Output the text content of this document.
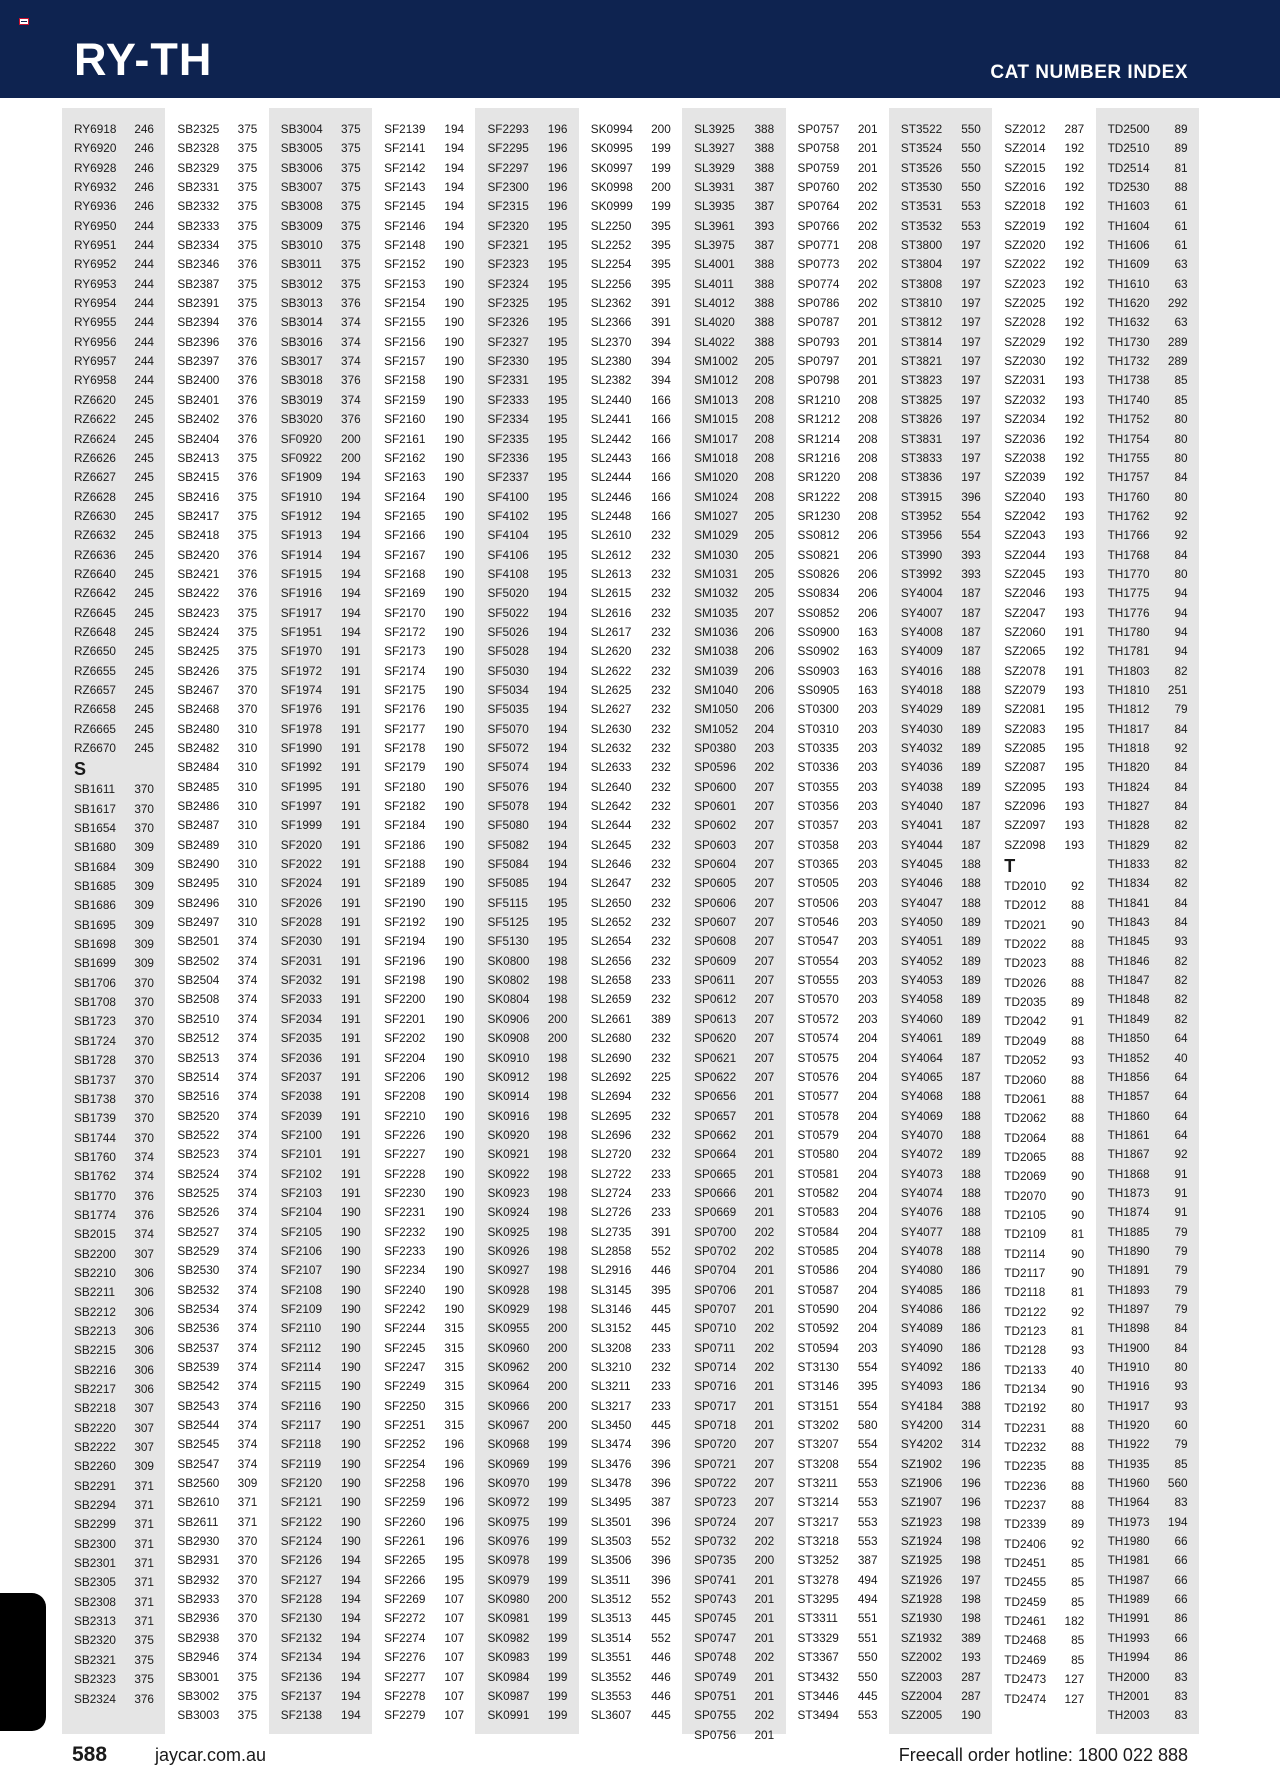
RY-TH	CAT NUMBER INDEX
RY6918	246
RY6920	246
RY6928	246
RY6932	246
RY6936	246
RY6950	244
RY6951	244
RY6952	244
RY6953	244
RY6954	244
RY6955	244
RY6956	244
RY6957	244
RY6958	244
RZ6620	245
RZ6622	245
RZ6624	245
RZ6626	245
RZ6627	245
RZ6628	245
RZ6630	245
RZ6632	245
RZ6636	245
RZ6640	245
RZ6642	245
RZ6645	245
RZ6648	245
RZ6650	245
RZ6655	245
RZ6657	245
RZ6658	245
RZ6665	245
RZ6670	245
S
SB1611	370
SB1617	370
SB1654	370
SB1680	309
SB1684	309
SB1685	309
SB1686	309
SB1695	309
SB1698	309
SB1699	309
SB1706	370
SB1708	370
SB1723	370
SB1724	370
SB1728	370
SB1737	370
SB1738	370
SB1739	370
SB1744	370
SB1760	374
SB1762	374
SB1770	376
SB1774	376
SB2015	374
SB2200	307
SB2210	306
SB2211	306
SB2212	306
SB2213	306
SB2215	306
SB2216	306
SB2217	306
SB2218	307
SB2220	307
SB2222	307
SB2260	309
SB2291	371
SB2294	371
SB2299	371
SB2300	371
SB2301	371
SB2305	371
SB2308	371
SB2313	371
SB2320	375
SB2321	375
SB2323	375
SB2324	376
SB2325	375
SB2328	375
SB2329	375
SB2331	375
SB2332	375
SB2333	375
SB2334	375
SB2346	376
SB2387	375
SB2391	375
SB2394	376
SB2396	376
SB2397	376
SB2400	376
SB2401	376
SB2402	376
SB2404	376
SB2413	375
SB2415	376
SB2416	375
SB2417	375
SB2418	375
SB2420	376
SB2421	376
SB2422	376
SB2423	375
SB2424	375
SB2425	375
SB2426	375
SB2467	370
SB2468	370
SB2480	310
SB2482	310
SB2484	310
SB2485	310
SB2486	310
SB2487	310
SB2489	310
SB2490	310
SB2495	310
SB2496	310
SB2497	310
SB2501	374
SB2502	374
SB2504	374
SB2508	374
SB2510	374
SB2512	374
SB2513	374
SB2514	374
SB2516	374
SB2520	374
SB2522	374
SB2523	374
SB2524	374
SB2525	374
SB2526	374
SB2527	374
SB2529	374
SB2530	374
SB2532	374
SB2534	374
SB2536	374
SB2537	374
SB2539	374
SB2542	374
SB2543	374
SB2544	374
SB2545	374
SB2547	374
SB2560	309
SB2610	371
SB2611	371
SB2930	370
SB2931	370
SB2932	370
SB2933	370
SB2936	370
SB2938	370
SB2946	374
SB3001	375
SB3002	375
SB3003	375
SB3004	375
SB3005	375
SB3006	375
SB3007	375
SB3008	375
SB3009	375
SB3010	375
SB3011	375
SB3012	375
SB3013	376
SB3014	374
SB3016	374
SB3017	374
SB3018	376
SB3019	374
SB3020	376
SF0920	200
SF0922	200
SF1909	194
SF1910	194
SF1912	194
SF1913	194
SF1914	194
SF1915	194
SF1916	194
SF1917	194
SF1951	194
SF1970	191
SF1972	191
SF1974	191
SF1976	191
SF1978	191
SF1990	191
SF1992	191
SF1995	191
SF1997	191
SF1999	191
SF2020	191
SF2022	191
SF2024	191
SF2026	191
SF2028	191
SF2030	191
SF2031	191
SF2032	191
SF2033	191
SF2034	191
SF2035	191
SF2036	191
SF2037	191
SF2038	191
SF2039	191
SF2100	191
SF2101	191
SF2102	191
SF2103	191
SF2104	190
SF2105	190
SF2106	190
SF2107	190
SF2108	190
SF2109	190
SF2110	190
SF2112	190
SF2114	190
SF2115	190
SF2116	190
SF2117	190
SF2118	190
SF2119	190
SF2120	190
SF2121	190
SF2122	190
SF2124	190
SF2126	194
SF2127	194
SF2128	194
SF2130	194
SF2132	194
SF2134	194
SF2136	194
SF2137	194
SF2138	194
SF2139	194
SF2141	194
SF2142	194
SF2143	194
SF2145	194
SF2146	194
SF2148	190
SF2152	190
SF2153	190
SF2154	190
SF2155	190
SF2156	190
SF2157	190
SF2158	190
SF2159	190
SF2160	190
SF2161	190
SF2162	190
SF2163	190
SF2164	190
SF2165	190
SF2166	190
SF2167	190
SF2168	190
SF2169	190
SF2170	190
SF2172	190
SF2173	190
SF2174	190
SF2175	190
SF2176	190
SF2177	190
SF2178	190
SF2179	190
SF2180	190
SF2182	190
SF2184	190
SF2186	190
SF2188	190
SF2189	190
SF2190	190
SF2192	190
SF2194	190
SF2196	190
SF2198	190
SF2200	190
SF2201	190
SF2202	190
SF2204	190
SF2206	190
SF2208	190
SF2210	190
SF2226	190
SF2227	190
SF2228	190
SF2230	190
SF2231	190
SF2232	190
SF2233	190
SF2234	190
SF2240	190
SF2242	190
SF2244	315
SF2245	315
SF2247	315
SF2249	315
SF2250	315
SF2251	315
SF2252	196
SF2254	196
SF2258	196
SF2259	196
SF2260	196
SF2261	196
SF2265	195
SF2266	195
SF2269	107
SF2272	107
SF2274	107
SF2276	107
SF2277	107
SF2278	107
SF2279	107
SF2293	196
SF2295	196
SF2297	196
SF2300	196
SF2315	196
SF2320	195
SF2321	195
SF2323	195
SF2324	195
SF2325	195
SF2326	195
SF2327	195
SF2330	195
SF2331	195
SF2333	195
SF2334	195
SF2335	195
SF2336	195
SF2337	195
SF4100	195
SF4102	195
SF4104	195
SF4106	195
SF4108	195
SF5020	194
SF5022	194
SF5026	194
SF5028	194
SF5030	194
SF5034	194
SF5035	194
SF5070	194
SF5072	194
SF5074	194
SF5076	194
SF5078	194
SF5080	194
SF5082	194
SF5084	194
SF5085	194
SF5115	195
SF5125	195
SF5130	195
SK0800	198
SK0802	198
SK0804	198
SK0906	200
SK0908	200
SK0910	198
SK0912	198
SK0914	198
SK0916	198
SK0920	198
SK0921	198
SK0922	198
SK0923	198
SK0924	198
SK0925	198
SK0926	198
SK0927	198
SK0928	198
SK0929	198
SK0955	200
SK0960	200
SK0962	200
SK0964	200
SK0966	200
SK0967	200
SK0968	199
SK0969	199
SK0970	199
SK0972	199
SK0975	199
SK0976	199
SK0978	199
SK0979	199
SK0980	200
SK0981	199
SK0982	199
SK0983	199
SK0984	199
SK0987	199
SK0991	199
SK0994	200
SK0995	199
SK0997	199
SK0998	200
SK0999	199
SL2250	395
SL2252	395
SL2254	395
SL2256	395
SL2362	391
SL2366	391
SL2370	394
SL2380	394
SL2382	394
SL2440	166
SL2441	166
SL2442	166
SL2443	166
SL2444	166
SL2446	166
SL2448	166
SL2610	232
SL2612	232
SL2613	232
SL2615	232
SL2616	232
SL2617	232
SL2620	232
SL2622	232
SL2625	232
SL2627	232
SL2630	232
SL2632	232
SL2633	232
SL2640	232
SL2642	232
SL2644	232
SL2645	232
SL2646	232
SL2647	232
SL2650	232
SL2652	232
SL2654	232
SL2656	232
SL2658	233
SL2659	232
SL2661	389
SL2680	232
SL2690	232
SL2692	225
SL2694	232
SL2695	232
SL2696	232
SL2720	232
SL2722	233
SL2724	233
SL2726	233
SL2735	391
SL2858	552
SL2916	446
SL3145	395
SL3146	445
SL3152	445
SL3208	233
SL3210	232
SL3211	233
SL3217	233
SL3450	445
SL3474	396
SL3476	396
SL3478	396
SL3495	387
SL3501	396
SL3503	552
SL3506	396
SL3511	396
SL3512	552
SL3513	445
SL3514	552
SL3551	446
SL3552	446
SL3553	446
SL3607	445
SL3925	388
SL3927	388
SL3929	388
SL3931	387
SL3935	387
SL3961	393
SL3975	387
SL4001	388
SL4011	388
SL4012	388
SL4020	388
SL4022	388
SM1002	205
SM1012	208
SM1013	208
SM1015	208
SM1017	208
SM1018	208
SM1020	208
SM1024	208
SM1027	205
SM1029	205
SM1030	205
SM1031	205
SM1032	205
SM1035	207
SM1036	206
SM1038	206
SM1039	206
SM1040	206
SM1050	206
SM1052	204
SP0380	203
SP0596	202
SP0600	207
SP0601	207
SP0602	207
SP0603	207
SP0604	207
SP0605	207
SP0606	207
SP0607	207
SP0608	207
SP0609	207
SP0611	207
SP0612	207
SP0613	207
SP0620	207
SP0621	207
SP0622	207
SP0656	201
SP0657	201
SP0662	201
SP0664	201
SP0665	201
SP0666	201
SP0669	201
SP0700	202
SP0702	202
SP0704	201
SP0706	201
SP0707	201
SP0710	202
SP0711	202
SP0714	202
SP0716	201
SP0717	201
SP0718	201
SP0720	207
SP0721	207
SP0722	207
SP0723	207
SP0724	207
SP0732	202
SP0735	200
SP0741	201
SP0743	201
SP0745	201
SP0747	201
SP0748	202
SP0749	201
SP0751	201
SP0755	202
SP0756	201
SP0757	201
SP0758	201
SP0759	201
SP0760	202
SP0764	202
SP0766	202
SP0771	208
SP0773	202
SP0774	202
SP0786	202
SP0787	201
SP0793	201
SP0797	201
SP0798	201
SR1210	208
SR1212	208
SR1214	208
SR1216	208
SR1220	208
SR1222	208
SR1230	208
SS0812	206
SS0821	206
SS0826	206
SS0834	206
SS0852	206
SS0900	163
SS0902	163
SS0903	163
SS0905	163
ST0300	203
ST0310	203
ST0335	203
ST0336	203
ST0355	203
ST0356	203
ST0357	203
ST0358	203
ST0365	203
ST0505	203
ST0506	203
ST0546	203
ST0547	203
ST0554	203
ST0555	203
ST0570	203
ST0572	203
ST0574	204
ST0575	204
ST0576	204
ST0577	204
ST0578	204
ST0579	204
ST0580	204
ST0581	204
ST0582	204
ST0583	204
ST0584	204
ST0585	204
ST0586	204
ST0587	204
ST0590	204
ST0592	204
ST0594	203
ST3130	554
ST3146	395
ST3151	554
ST3202	580
ST3207	554
ST3208	554
ST3211	553
ST3214	553
ST3217	553
ST3218	553
ST3252	387
ST3278	494
ST3295	494
ST3311	551
ST3329	551
ST3367	550
ST3432	550
ST3446	445
ST3494	553
ST3522	550
ST3524	550
ST3526	550
ST3530	550
ST3531	553
ST3532	553
ST3800	197
ST3804	197
ST3808	197
ST3810	197
ST3812	197
ST3814	197
ST3821	197
ST3823	197
ST3825	197
ST3826	197
ST3831	197
ST3833	197
ST3836	197
ST3915	396
ST3952	554
ST3956	554
ST3990	393
ST3992	393
SY4004	187
SY4007	187
SY4008	187
SY4009	187
SY4016	188
SY4018	188
SY4029	189
SY4030	189
SY4032	189
SY4036	189
SY4038	189
SY4040	187
SY4041	187
SY4044	187
SY4045	188
SY4046	188
SY4047	188
SY4050	189
SY4051	189
SY4052	189
SY4053	189
SY4058	189
SY4060	189
SY4061	189
SY4064	187
SY4065	187
SY4068	188
SY4069	188
SY4070	188
SY4072	189
SY4073	188
SY4074	188
SY4076	188
SY4077	188
SY4078	188
SY4080	186
SY4085	186
SY4086	186
SY4089	186
SY4090	186
SY4092	186
SY4093	186
SY4184	388
SY4200	314
SY4202	314
SZ1902	196
SZ1906	196
SZ1907	196
SZ1923	198
SZ1924	198
SZ1925	198
SZ1926	197
SZ1928	198
SZ1930	198
SZ1932	389
SZ2002	193
SZ2003	287
SZ2004	287
SZ2005	190
SZ2012	287
SZ2014	192
SZ2015	192
SZ2016	192
SZ2018	192
SZ2019	192
SZ2020	192
SZ2022	192
SZ2023	192
SZ2025	192
SZ2028	192
SZ2029	192
SZ2030	192
SZ2031	193
SZ2032	193
SZ2034	192
SZ2036	192
SZ2038	192
SZ2039	192
SZ2040	193
SZ2042	193
SZ2043	193
SZ2044	193
SZ2045	193
SZ2046	193
SZ2047	193
SZ2060	191
SZ2065	192
SZ2078	191
SZ2079	193
SZ2081	195
SZ2083	195
SZ2085	195
SZ2087	195
SZ2095	193
SZ2096	193
SZ2097	193
SZ2098	193
T
TD2010	92
TD2012	88
TD2021	90
TD2022	88
TD2023	88
TD2026	88
TD2035	89
TD2042	91
TD2049	88
TD2052	93
TD2060	88
TD2061	88
TD2062	88
TD2064	88
TD2065	88
TD2069	90
TD2070	90
TD2105	90
TD2109	81
TD2114	90
TD2117	90
TD2118	81
TD2122	92
TD2123	81
TD2128	93
TD2133	40
TD2134	90
TD2192	80
TD2231	88
TD2232	88
TD2235	88
TD2236	88
TD2237	88
TD2339	89
TD2406	92
TD2451	85
TD2455	85
TD2459	85
TD2461	182
TD2468	85
TD2469	85
TD2473	127
TD2474	127
TD2500	89
TD2510	89
TD2514	81
TD2530	88
TH1603	61
TH1604	61
TH1606	61
TH1609	63
TH1610	63
TH1620	292
TH1632	63
TH1730	289
TH1732	289
TH1738	85
TH1740	85
TH1752	80
TH1754	80
TH1755	80
TH1757	84
TH1760	80
TH1762	92
TH1766	92
TH1768	84
TH1770	80
TH1775	94
TH1776	94
TH1780	94
TH1781	94
TH1803	82
TH1810	251
TH1812	79
TH1817	84
TH1818	92
TH1820	84
TH1824	84
TH1827	84
TH1828	82
TH1829	82
TH1833	82
TH1834	82
TH1841	84
TH1843	84
TH1845	93
TH1846	82
TH1847	82
TH1848	82
TH1849	82
TH1850	64
TH1852	40
TH1856	64
TH1857	64
TH1860	64
TH1861	64
TH1867	92
TH1868	91
TH1873	91
TH1874	91
TH1885	79
TH1890	79
TH1891	79
TH1893	79
TH1897	79
TH1898	84
TH1900	84
TH1910	80
TH1916	93
TH1917	93
TH1920	60
TH1922	79
TH1935	85
TH1960	560
TH1964	83
TH1973	194
TH1980	66
TH1981	66
TH1987	66
TH1989	66
TH1991	86
TH1993	66
TH1994	86
TH2000	83
TH2001	83
TH2003	83
588	jaycar.com.au	Freecall order hotline: 1800 022 888
